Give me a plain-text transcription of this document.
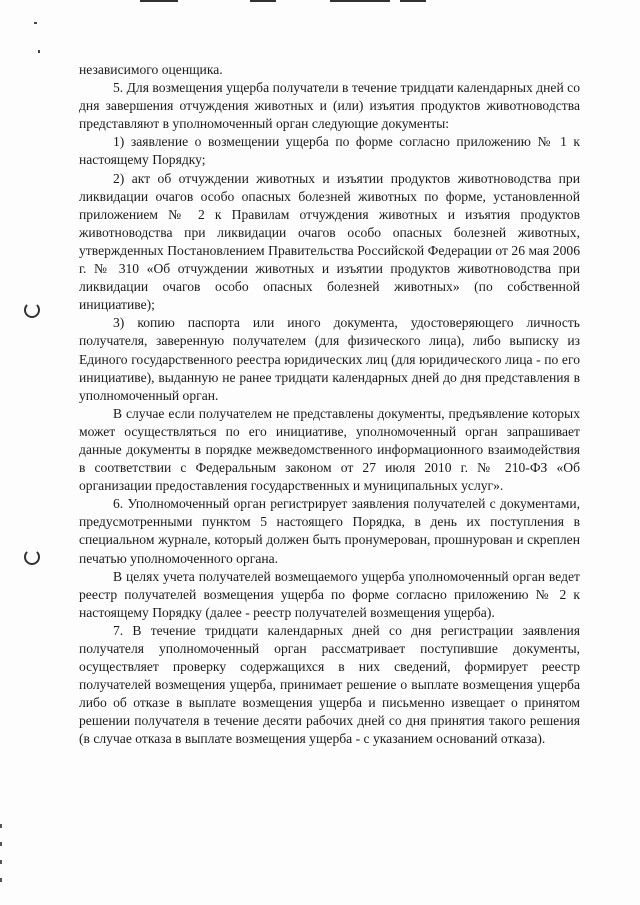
независимого оценщика.

5. Для возмещения ущерба получатели в течение тридцати календарных дней со дня завершения отчуждения животных и (или) изъятия продуктов животноводства представляют в уполномоченный орган следующие документы:

1) заявление о возмещении ущерба по форме согласно приложению № 1 к настоящему Порядку;

2) акт об отчуждении животных и изъятии продуктов животноводства при ликвидации очагов особо опасных болезней животных по форме, установленной приложением № 2 к Правилам отчуждения животных и изъятия продуктов животноводства при ликвидации очагов особо опасных болезней животных, утвержденных Постановлением Правительства Российской Федерации от 26 мая 2006 г. № 310 «Об отчуждении животных и изъятии продуктов животноводства при ликвидации очагов особо опасных болезней животных» (по собственной инициативе);

3) копию паспорта или иного документа, удостоверяющего личность получателя, заверенную получателем (для физического лица), либо выписку из Единого государственного реестра юридических лиц (для юридического лица - по его инициативе), выданную не ранее тридцати календарных дней до дня представления в уполномоченный орган.

В случае если получателем не представлены документы, предъявление которых может осуществляться по его инициативе, уполномоченный орган запрашивает данные документы в порядке межведомственного информационного взаимодействия в соответствии с Федеральным законом от 27 июля 2010 г. № 210-ФЗ «Об организации предоставления государственных и муниципальных услуг».

6. Уполномоченный орган регистрирует заявления получателей с документами, предусмотренными пунктом 5 настоящего Порядка, в день их поступления в специальном журнале, который должен быть пронумерован, прошнурован и скреплен печатью уполномоченного органа.

В целях учета получателей возмещаемого ущерба уполномоченный орган ведет реестр получателей возмещения ущерба по форме согласно приложению № 2 к настоящему Порядку (далее - реестр получателей возмещения ущерба).

7. В течение тридцати календарных дней со дня регистрации заявления получателя уполномоченный орган рассматривает поступившие документы, осуществляет проверку содержащихся в них сведений, формирует реестр получателей возмещения ущерба, принимает решение о выплате возмещения ущерба либо об отказе в выплате возмещения ущерба и письменно извещает о принятом решении получателя в течение десяти рабочих дней со дня принятия такого решения (в случае отказа в выплате возмещения ущерба - с указанием оснований отказа).
